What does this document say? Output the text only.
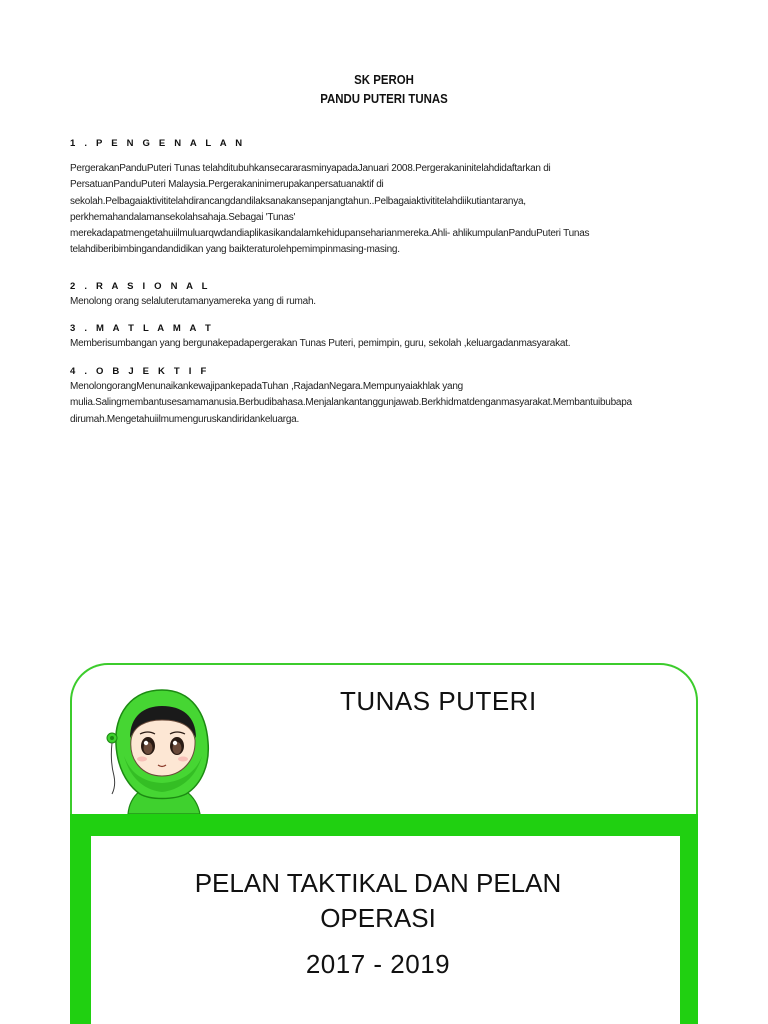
SK PEROH
PANDU PUTERI TUNAS
1 . P E N G E N A L A N
PergerakanPanduPuteri Tunas telahditubuhkansecararasminyapadaJanuari 2008.Pergerakaninitelahdidaftarkan di
PersatuanPanduPuteri Malaysia.Pergerakaninimerupakanpersatuanaktif di
sekolah.Pelbagaiaktivititelahdirancangdandilaksanakansepanjangtahun..Pelbagaiaktivititelahdiikutiantaranya,
perkhemahandalamansekolahsahaja.Sebagai 'Tunas'
merekadapatmengetahuiilmuluarqwdandiaplikasikandalamkehidupanseharianmereka.Ahli- ahlikumpulanPanduPuteri Tunas
telahdiberibimbingandandidikan yang baikteraturolehpemimpinmasing-masing.
2 . R A S I O N A L
Menolong orang selaluterutamanyamereka yang di rumah.
3 . M A T L A M A T
Memberisumbangan yang bergunakepadapergerakan Tunas Puteri, pemimpin, guru, sekolah ,keluargadanmasyarakat.
4 . O B J E K T I F
MenolongorangMenunaikankewajipankepadaTuhan ,RajadanNegara.Mempunyaiakhlak yang
mulia.Salingmembantusesamamanusia.Berbudibahasa.Menjalankantanggunjawab.Berkhidmatdenganmasyarakat.Membantuibubapa
dirumah.Mengetahuiilmumenguruskandiridankeluarga.
TUNAS PUTERI
PELAN TAKTIKAL DAN PELAN
OPERASI
2017 - 2019
